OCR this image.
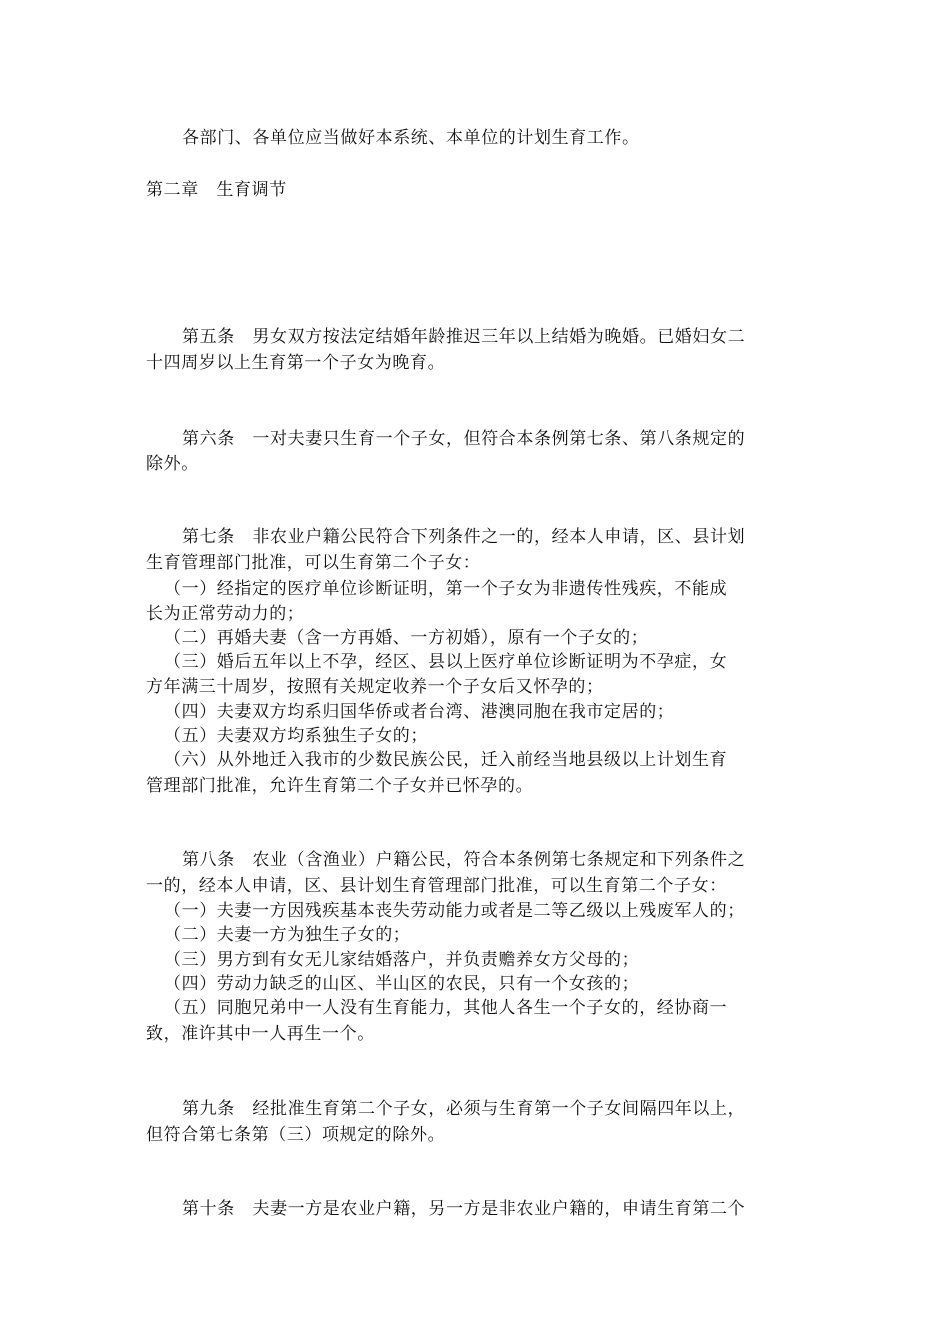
各部门、各单位应当做好本系统、本单位的计划生育工作。
第二章　生育调节
第五条　男女双方按法定结婚年龄推迟三年以上结婚为晚婚。已婚妇女二
十四周岁以上生育第一个子女为晚育。
第六条　一对夫妻只生育一个子女，但符合本条例第七条、第八条规定的
除外。
第七条　非农业户籍公民符合下列条件之一的，经本人申请，区、县计划
生育管理部门批准，可以生育第二个子女：
（一）经指定的医疗单位诊断证明，第一个子女为非遗传性残疾，不能成
长为正常劳动力的；
（二）再婚夫妻（含一方再婚、一方初婚），原有一个子女的；
（三）婚后五年以上不孕，经区、县以上医疗单位诊断证明为不孕症，女
方年满三十周岁，按照有关规定收养一个子女后又怀孕的；
（四）夫妻双方均系归国华侨或者台湾、港澳同胞在我市定居的；
（五）夫妻双方均系独生子女的；
（六）从外地迁入我市的少数民族公民，迁入前经当地县级以上计划生育
管理部门批准，允许生育第二个子女并已怀孕的。
第八条　农业（含渔业）户籍公民，符合本条例第七条规定和下列条件之
一的，经本人申请，区、县计划生育管理部门批准，可以生育第二个子女：
（一）夫妻一方因残疾基本丧失劳动能力或者是二等乙级以上残废军人的；
（二）夫妻一方为独生子女的；
（三）男方到有女无儿家结婚落户，并负责赡养女方父母的；
（四）劳动力缺乏的山区、半山区的农民，只有一个女孩的；
（五）同胞兄弟中一人没有生育能力，其他人各生一个子女的，经协商一
致，准许其中一人再生一个。
第九条　经批准生育第二个子女，必须与生育第一个子女间隔四年以上，
但符合第七条第（三）项规定的除外。
第十条　夫妻一方是农业户籍，另一方是非农业户籍的，申请生育第二个
